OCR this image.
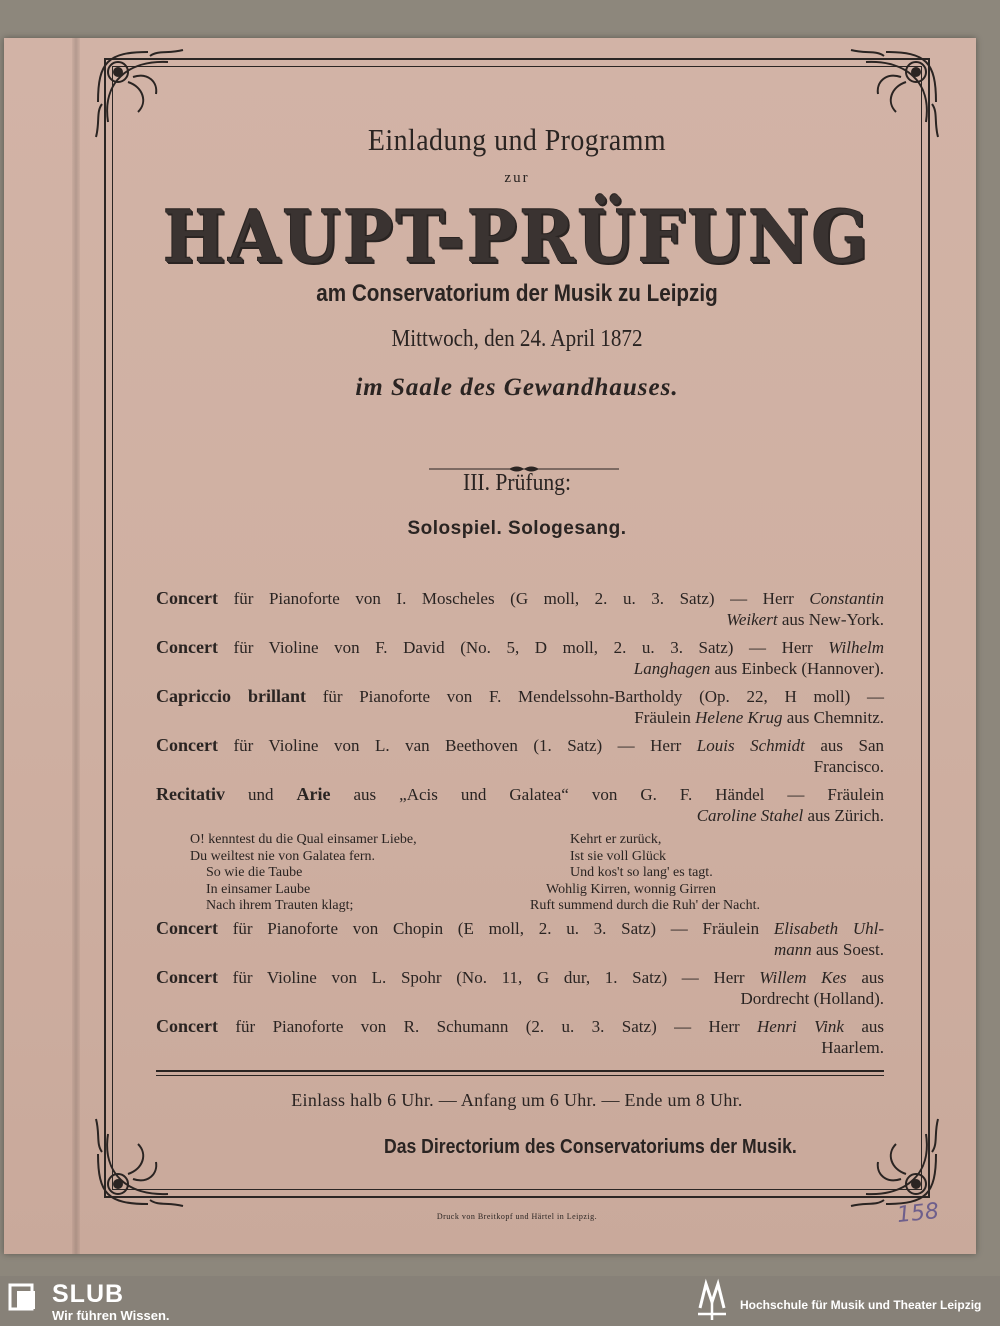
Einladung und Programm
zur
HAUPT-PRÜFUNG
am Conservatorium der Musik zu Leipzig
Mittwoch, den 24. April 1872
im Saale des Gewandhauses.
III. Prüfung:
Solospiel. Sologesang.
Concert für Pianoforte von I. Moscheles (G moll, 2. u. 3. Satz) — Herr Constantin
Weikert aus New-York.
Concert für Violine von F. David (No. 5, D moll, 2. u. 3. Satz) — Herr Wilhelm
Langhagen aus Einbeck (Hannover).
Capriccio brillant für Pianoforte von F. Mendelssohn-Bartholdy (Op. 22, H moll) —
Fräulein Helene Krug aus Chemnitz.
Concert für Violine von L. van Beethoven (1. Satz) — Herr Louis Schmidt aus San
Francisco.
Recitativ und Arie aus „Acis und Galatea“ von G. F. Händel — Fräulein
Caroline Stahel aus Zürich.
O! kenntest du die Qual einsamer Liebe,
Du weiltest nie von Galatea fern.
So wie die Taube
In einsamer Laube
Nach ihrem Trauten klagt;
Kehrt er zurück,
Ist sie voll Glück
Und kos't so lang' es tagt.
Wohlig Kirren, wonnig Girren
Ruft summend durch die Ruh' der Nacht.
Concert für Pianoforte von Chopin (E moll, 2. u. 3. Satz) — Fräulein Elisabeth Uhl-
mann aus Soest.
Concert für Violine von L. Spohr (No. 11, G dur, 1. Satz) — Herr Willem Kes aus
Dordrecht (Holland).
Concert für Pianoforte von R. Schumann (2. u. 3. Satz) — Herr Henri Vink aus
Haarlem.
Einlass halb 6 Uhr. — Anfang um 6 Uhr. — Ende um 8 Uhr.
Das Directorium des Conservatoriums der Musik.
Druck von Breitkopf und Härtel in Leipzig.	158
SLUB
Wir führen Wissen.
Hochschule für Musik und Theater Leipzig
